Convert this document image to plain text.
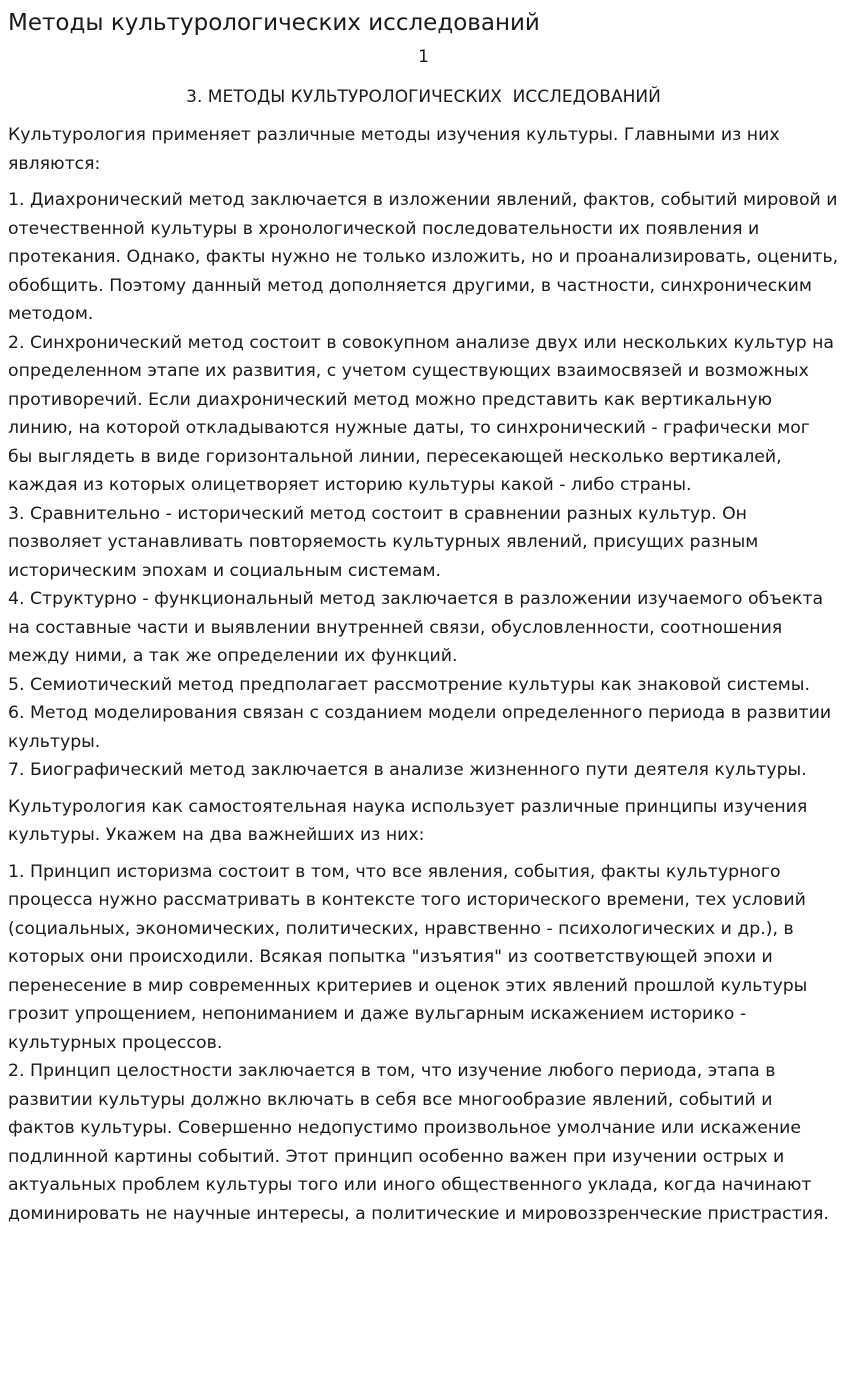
Методы культурологических исследований
1
3. МЕТОДЫ КУЛЬТУРОЛОГИЧЕСКИХ  ИССЛЕДОВАНИЙ

Культурология применяет различные методы изучения культуры. Главными из них являются:

1. Диахронический метод заключается в изложении явлений, фактов, событий мировой и отечественной культуры в хронологической последовательности их появления и протекания. Однако, факты нужно не только изложить, но и проанализировать, оценить, обобщить. Поэтому данный метод дополняется другими, в частности, синхроническим методом.

2. Синхронический метод состоит в совокупном анализе двух или нескольких культур на определенном этапе их развития, с учетом существующих взаимосвязей и возможных противоречий. Если диахронический метод можно представить как вертикальную линию, на которой откладываются нужные даты, то синхронический - графически мог бы выглядеть в виде горизонтальной линии, пересекающей несколько вертикалей, каждая из которых олицетворяет историю культуры какой - либо страны.

3. Сравнительно - исторический метод состоит в сравнении разных культур. Он позволяет устанавливать повторяемость культурных явлений, присущих разным историческим эпохам и социальным системам.

4. Структурно - функциональный метод заключается в разложении изучаемого объекта на составные части и выявлении внутренней связи, обусловленности, соотношения между ними, а так же определении их функций.

5. Семиотический метод предполагает рассмотрение культуры как знаковой системы.

6. Метод моделирования связан с созданием модели определенного периода в развитии культуры.

7. Биографический метод заключается в анализе жизненного пути деятеля культуры.

Культурология как самостоятельная наука использует различные принципы изучения культуры. Укажем на два важнейших из них:

1. Принцип историзма состоит в том, что все явления, события, факты культурного процесса нужно рассматривать в контексте того исторического времени, тех условий (социальных, экономических, политических, нравственно - психологических и др.), в которых они происходили. Всякая попытка "изъятия" из соответствующей эпохи и перенесение в мир современных критериев и оценок этих явлений прошлой культуры грозит упрощением, непониманием и даже вульгарным искажением историко - культурных процессов.

2. Принцип целостности заключается в том, что изучение любого периода, этапа в развитии культуры должно включать в себя все многообразие явлений, событий и фактов культуры. Совершенно недопустимо произвольное умолчание или искажение подлинной картины событий. Этот принцип особенно важен при изучении острых и актуальных проблем культуры того или иного общественного уклада, когда начинают доминировать не научные интересы, а политические и мировоззренческие пристрастия.
